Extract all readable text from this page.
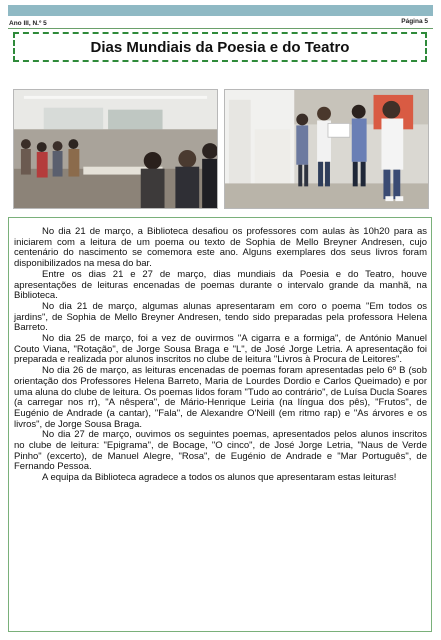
Ano III, N.º 5	Página 5
Dias Mundiais da Poesia e do Teatro

No dia 21 de março, a Biblioteca desafiou os professores com aulas às 10h20 para as iniciarem com a leitura de um poema ou texto de Sophia de Mello Breyner Andresen, cujo centenário do nascimento se comemora este ano. Alguns exemplares dos seus livros foram disponibilizados na mesa do bar.

Entre os dias 21 e 27 de março, dias mundiais da Poesia e do Teatro, houve apresentações de leituras encenadas de poemas durante o intervalo grande da manhã, na Biblioteca.

No dia 21 de março, algumas alunas apresentaram em coro o poema "Em todos os jardins", de Sophia de Mello Breyner Andresen, tendo sido preparadas pela professora Helena Barreto.

No dia 25 de março, foi a vez de ouvirmos "A cigarra e a formiga", de António Manuel Couto Viana, "Rotação", de Jorge Sousa Braga e "L", de José Jorge Letria. A apresentação foi preparada e realizada por alunos inscritos no clube de leitura "Livros à Procura de Leitores".

No dia 26 de março, as leituras encenadas de poemas foram apresentadas pelo 6º B (sob orientação dos Professores Helena Barreto, Maria de Lourdes Dordio e Carlos Queimado) e por uma aluna do clube de leitura. Os poemas lidos foram "Tudo ao contrário", de Luísa Ducla Soares (a carregar nos rr), "A nêspera", de Mário-Henrique Leiria (na língua dos pês), "Frutos", de Eugénio de Andrade (a cantar), "Fala", de Alexandre O'Neill (em ritmo rap) e "As árvores e os livros", de Jorge Sousa Braga.

No dia 27 de março, ouvimos os seguintes poemas, apresentados pelos alunos inscritos no clube de leitura: "Epigrama", de Bocage, "O cinco", de José Jorge Letria, "Naus de Verde Pinho" (excerto), de Manuel Alegre, "Rosa", de Eugénio de Andrade e "Mar Português", de Fernando Pessoa.

A equipa da Biblioteca agradece a todos os alunos que apresentaram estas leituras!
